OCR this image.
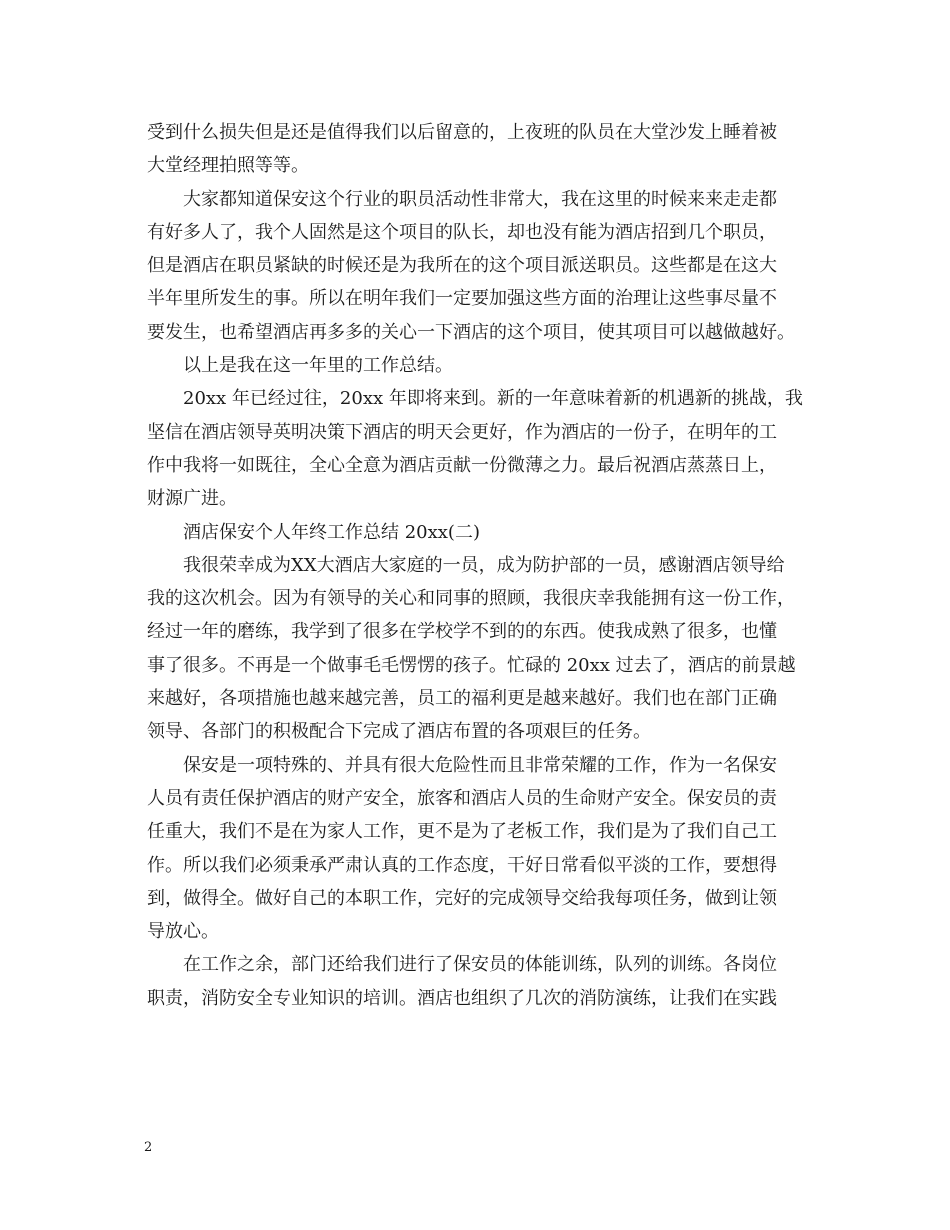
受到什么损失但是还是值得我们以后留意的，上夜班的队员在大堂沙发上睡着被
大堂经理拍照等等。

大家都知道保安这个行业的职员活动性非常大，我在这里的时候来来走走都
有好多人了，我个人固然是这个项目的队长，却也没有能为酒店招到几个职员，
但是酒店在职员紧缺的时候还是为我所在的这个项目派送职员。这些都是在这大
半年里所发生的事。所以在明年我们一定要加强这些方面的治理让这些事尽量不
要发生，也希望酒店再多多的关心一下酒店的这个项目，使其项目可以越做越好。

以上是我在这一年里的工作总结。

20xx 年已经过往，20xx 年即将来到。新的一年意味着新的机遇新的挑战，我
坚信在酒店领导英明决策下酒店的明天会更好，作为酒店的一份子，在明年的工
作中我将一如既往，全心全意为酒店贡献一份微薄之力。最后祝酒店蒸蒸日上，
财源广进。

酒店保安个人年终工作总结 20xx(二)

我很荣幸成为XX大酒店大家庭的一员，成为防护部的一员，感谢酒店领导给
我的这次机会。因为有领导的关心和同事的照顾，我很庆幸我能拥有这一份工作，
经过一年的磨练，我学到了很多在学校学不到的的东西。使我成熟了很多，也懂
事了很多。不再是一个做事毛毛愣愣的孩子。忙碌的 20xx 过去了，酒店的前景越
来越好，各项措施也越来越完善，员工的福利更是越来越好。我们也在部门正确
领导、各部门的积极配合下完成了酒店布置的各项艰巨的任务。

保安是一项特殊的、并具有很大危险性而且非常荣耀的工作，作为一名保安
人员有责任保护酒店的财产安全，旅客和酒店人员的生命财产安全。保安员的责
任重大，我们不是在为家人工作，更不是为了老板工作，我们是为了我们自己工
作。所以我们必须秉承严肃认真的工作态度，干好日常看似平淡的工作，要想得
到，做得全。做好自己的本职工作，完好的完成领导交给我每项任务，做到让领
导放心。

在工作之余，部门还给我们进行了保安员的体能训练，队列的训练。各岗位
职责，消防安全专业知识的培训。酒店也组织了几次的消防演练，让我们在实践

2
